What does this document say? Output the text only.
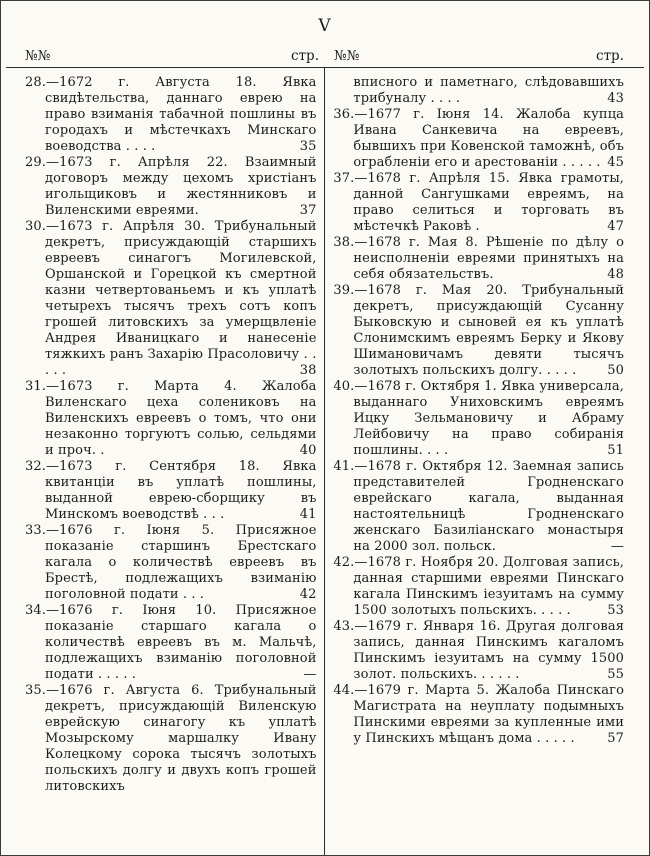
V
№№	стр. №№	стр.
28.—1672 г. Августа 18. Явка свидѣтельства, даннаго еврею на право взиманія табачной пошлины въ городахъ и мѣстечкахъ Минскаго воеводства . . . .	35
29.—1673 г. Апрѣля 22. Взаимный договоръ между цехомъ христіанъ игольщиковъ и жестянниковъ и Виленскими евреями.	37
30.—1673 г. Апрѣля 30. Трибунальный декретъ, присуждающій старшихъ евреевъ синагогъ Могилевской, Оршанской и Горецкой къ смертной казни четвертованьемъ и къ уплатѣ четырехъ тысячъ трехъ сотъ копъ грошей литовскихъ за умерщвленіе Андрея Иваницкаго и нанесеніе тяжкихъ ранъ Захарію Прасоловичу . . . . .	38
31.—1673 г. Марта 4. Жалоба Виленскаго цеха солениковъ на Виленскихъ евреевъ о томъ, что они незаконно торгуютъ солью, сельдями и проч. .	40
32.—1673 г. Сентября 18. Явка квитанціи въ уплатѣ пошлины, выданной еврею-сборщику въ Минскомъ воеводствѣ . . .	41
33.—1676 г. Іюня 5. Присяжное показаніе старшинъ Брестскаго кагала о количествѣ евреевъ въ Брестѣ, подлежащихъ взиманію поголовной подати . . .	42
34.—1676 г. Іюня 10. Присяжное показаніе старшаго кагала о количествѣ евреевъ въ м. Мальчѣ, подлежащихъ взиманію поголовной подати . . . . .	—
35.—1676 г. Августа 6. Трибунальный декретъ, присуждающій Виленскую еврейскую синагогу къ уплатѣ Мозырскому маршалку Ивану Колецкому сорока тысячъ золотыхъ польскихъ долгу и двухъ копъ грошей литовскихъ
вписного и паметнаго, слѣдовавшихъ трибуналу . . . .	43
36.—1677 г. Іюня 14. Жалоба купца Ивана Санкевича на евреевъ, бывшихъ при Ковенской таможнѣ, объ ограбленіи его и арестованіи . . . . . 45
37.—1678 г. Апрѣля 15. Явка грамоты, данной Сангушками евреямъ, на право селиться и торговать въ мѣстечкѣ Раковѣ .	47
38.—1678 г. Мая 8. Рѣшеніе по дѣлу о неисполненіи евреями принятыхъ на себя обязательствъ.	48
39.—1678 г. Мая 20. Трибунальный декретъ, присуждающій Сусанну Быковскую и сыновей ея къ уплатѣ Слонимскимъ евреямъ Берку и Якову Шимановичамъ девяти тысячъ золотыхъ польскихъ долгу. . . . .	50
40.—1678 г. Октября 1. Явка универсала, выданнаго Униховскимъ евреямъ Ицку Зельмановичу и Абраму Лейбовичу на право собиранія пошлины. . . .	51
41.—1678 г. Октября 12. Заемная запись представителей Гродненскаго еврейскаго кагала, выданная настоятельницѣ Гродненскаго женскаго Базиліанскаго монастыря на 2000 зол. польск.	—
42.—1678 г. Ноября 20. Долговая запись, данная старшими евреями Пинскаго кагала Пинскимъ іезуитамъ на сумму 1500 золотыхъ польскихъ. . . . .	53
43.—1679 г. Января 16. Другая долговая запись, данная Пинскимъ кагаломъ Пинскимъ іезуитамъ на сумму 1500 золот. польскихъ. . . . . .	55
44.—1679 г. Марта 5. Жалоба Пинскаго Магистрата на неуплату подымныхъ Пинскими евреями за купленные ими у Пинскихъ мѣщанъ дома . . . . .	57
